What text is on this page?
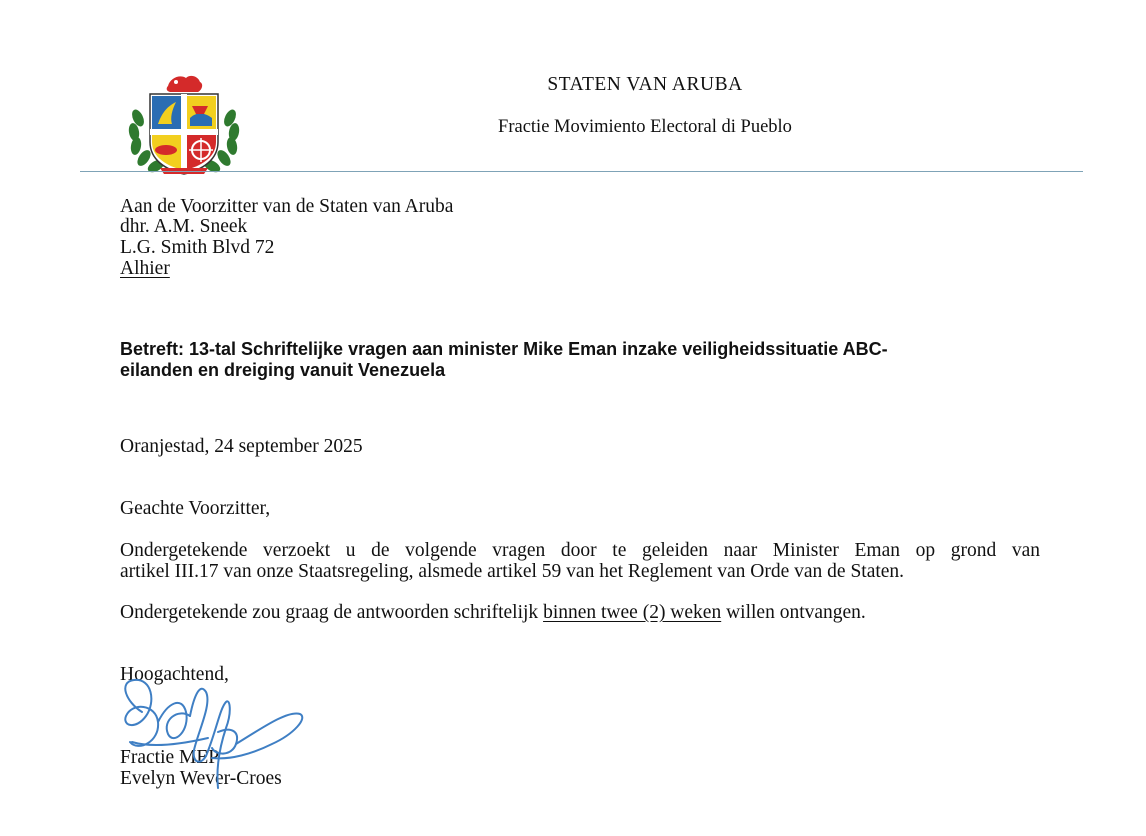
STATEN VAN ARUBA
Fractie Movimiento Electoral di Pueblo
Aan de Voorzitter van de Staten van Aruba
dhr. A.M. Sneek
L.G. Smith Blvd 72
Alhier
Betreft: 13-tal Schriftelijke vragen aan minister Mike Eman inzake veiligheidssituatie ABC-
eilanden en dreiging vanuit Venezuela
Oranjestad, 24 september 2025
Geachte Voorzitter,
Ondergetekende verzoekt u de volgende vragen door te geleiden naar Minister Eman op grond van
artikel III.17 van onze Staatsregeling, alsmede artikel 59 van het Reglement van Orde van de Staten.
Ondergetekende zou graag de antwoorden schriftelijk binnen twee (2) weken willen ontvangen.
Hoogachtend,
Fractie MEP
Evelyn Wever-Croes
